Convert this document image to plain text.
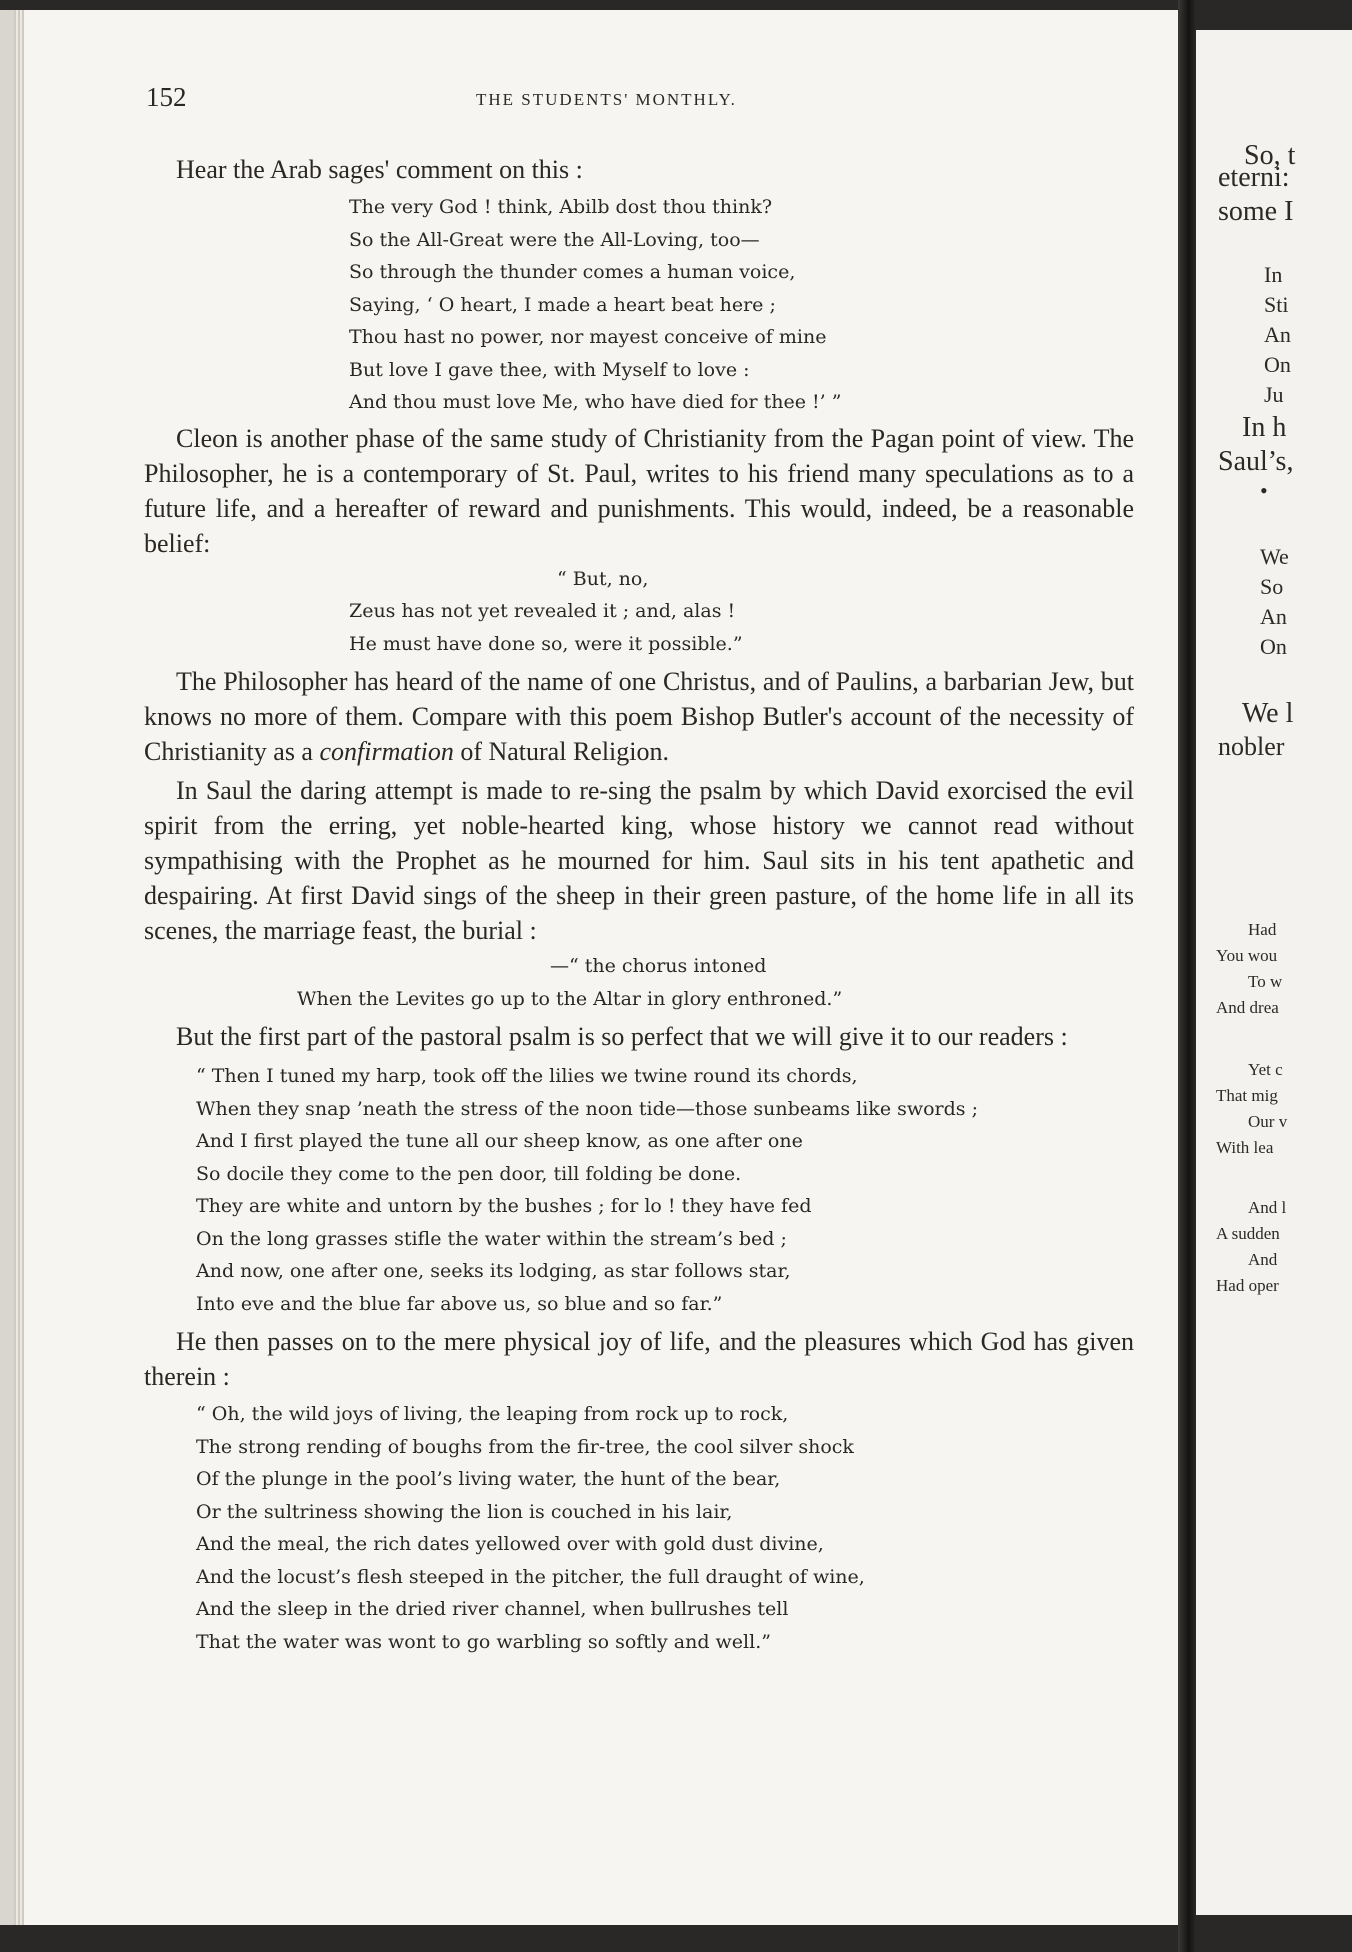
152	THE STUDENTS' MONTHLY.

Hear the Arab sages' comment on this :

The very God ! think, Abilb dost thou think?
So the All-Great were the All-Loving, too—
So through the thunder comes a human voice,
Saying, ‘ O heart, I made a heart beat here ;
Thou hast no power, nor mayest conceive of mine
But love I gave thee, with Myself to love :
And thou must love Me, who have died for thee !’ ”

Cleon is another phase of the same study of Christianity from the Pagan point of view. The Philosopher, he is a contemporary of St. Paul, writes to his friend many speculations as to a future life, and a hereafter of reward and punishments. This would, indeed, be a reasonable belief:

“ But, no,
Zeus has not yet revealed it ; and, alas !
He must have done so, were it possible.”

The Philosopher has heard of the name of one Christus, and of Paulins, a barbarian Jew, but knows no more of them. Compare with this poem Bishop Butler's account of the necessity of Christianity as a confirmation of Natural Religion.

In Saul the daring attempt is made to re-sing the psalm by which David exorcised the evil spirit from the erring, yet noble-hearted king, whose history we cannot read without sympathising with the Prophet as he mourned for him. Saul sits in his tent apathetic and despairing. At first David sings of the sheep in their green pasture, of the home life in all its scenes, the marriage feast, the burial :

—“ the chorus intoned
When the Levites go up to the Altar in glory enthroned.”

But the first part of the pastoral psalm is so perfect that we will give it to our readers :

“ Then I tuned my harp, took off the lilies we twine round its chords,
When they snap ’neath the stress of the noon tide—those sunbeams like swords ;
And I first played the tune all our sheep know, as one after one
So docile they come to the pen door, till folding be done.
They are white and untorn by the bushes ; for lo ! they have fed
On the long grasses stifle the water within the stream’s bed ;
And now, one after one, seeks its lodging, as star follows star,
Into eve and the blue far above us, so blue and so far.”

He then passes on to the mere physical joy of life, and the pleasures which God has given therein :

“ Oh, the wild joys of living, the leaping from rock up to rock,
The strong rending of boughs from the fir-tree, the cool silver shock
Of the plunge in the pool’s living water, the hunt of the bear,
Or the sultriness showing the lion is couched in his lair,
And the meal, the rich dates yellowed over with gold dust divine,
And the locust’s flesh steeped in the pitcher, the full draught of wine,
And the sleep in the dried river channel, when bullrushes tell
That the water was wont to go warbling so softly and well.”
So, t
eterni:
some I
In
Sti
An
On
Ju
In h
Saul’s,
•
We
So
An
On
We l
nobler
Had
You wou
To w
And drea
Yet c
That mig
Our v
With lea
And l
A sudden
And
Had oper
